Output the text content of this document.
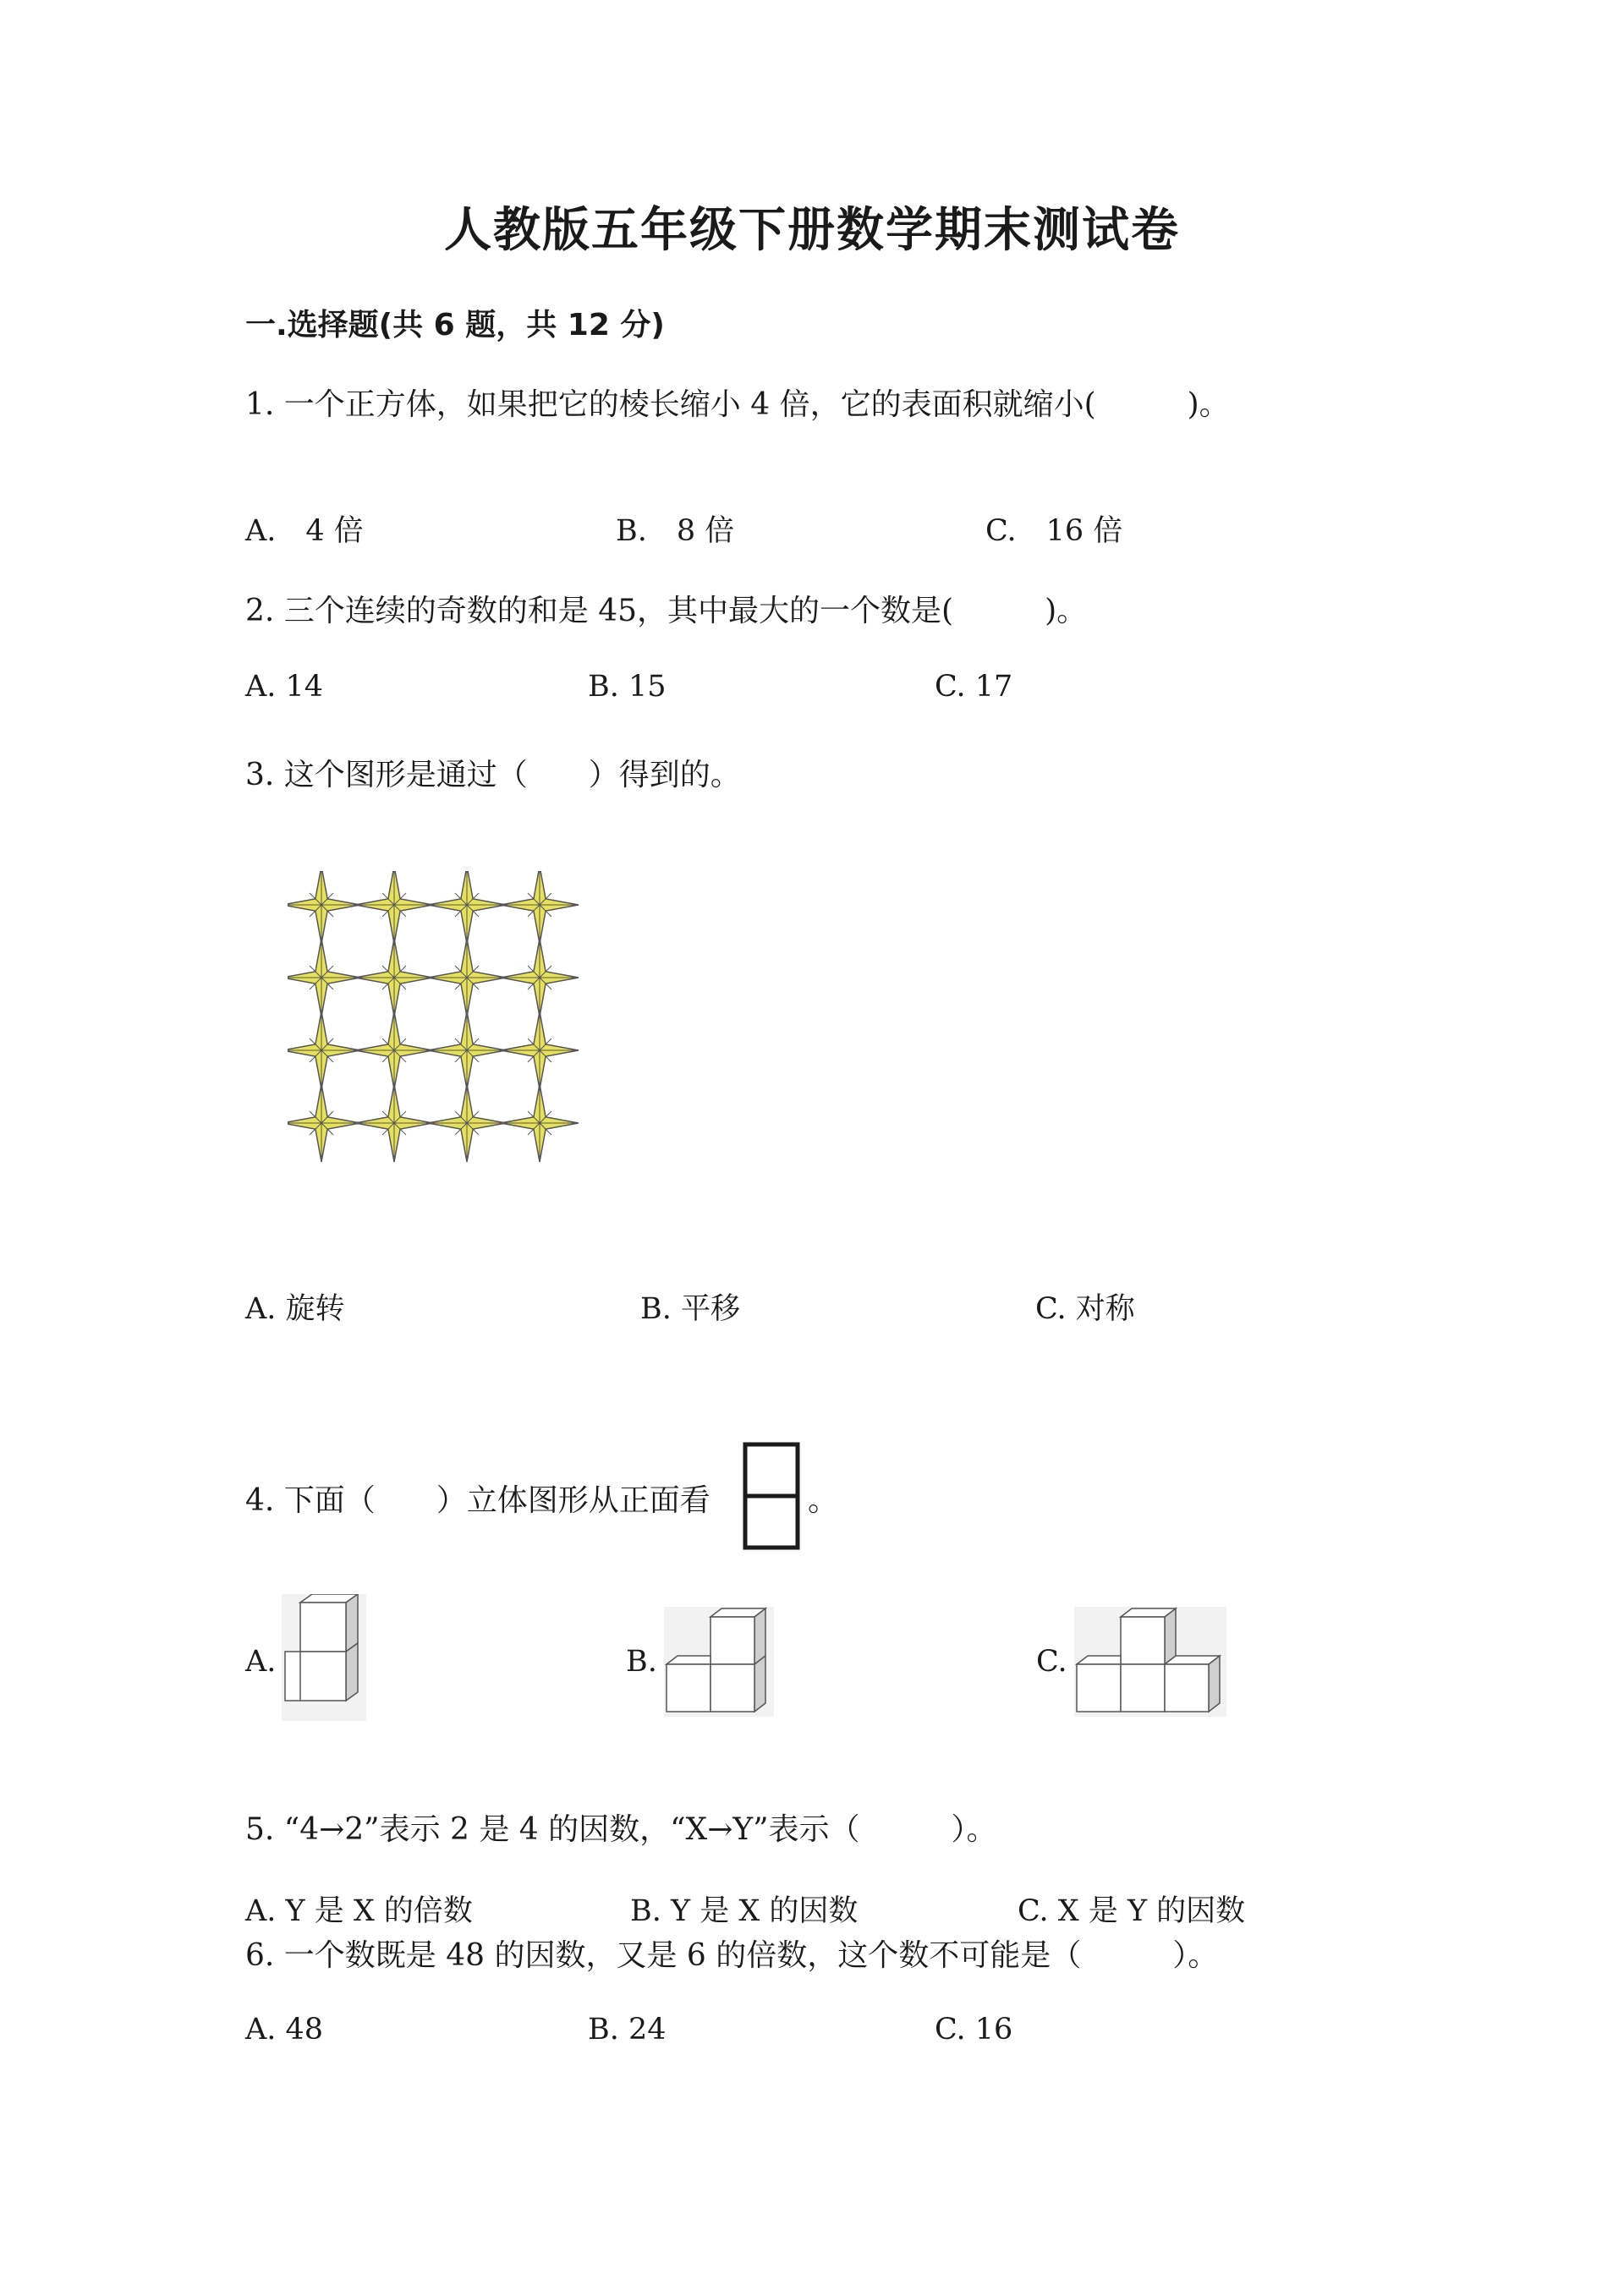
人教版五年级下册数学期末测试卷
一.选择题(共 6 题，共 12 分)
1. 一个正方体，如果把它的棱长缩小 4 倍，它的表面积就缩小(　　　)。
A.　4 倍	B.　8 倍	C.　16 倍
2. 三个连续的奇数的和是 45，其中最大的一个数是(　　　)。
A. 14	B. 15	C. 17
3. 这个图形是通过（　　）得到的。
A. 旋转	B. 平移	C. 对称
4. 下面（　　）立体图形从正面看	。
A.	B.	C.
5. “4→2”表示 2 是 4 的因数，“X→Y”表示（　　　）。
A. Y 是 X 的倍数	B. Y 是 X 的因数	C. X 是 Y 的因数
6. 一个数既是 48 的因数，又是 6 的倍数，这个数不可能是（　　　）。
A. 48	B. 24	C. 16
